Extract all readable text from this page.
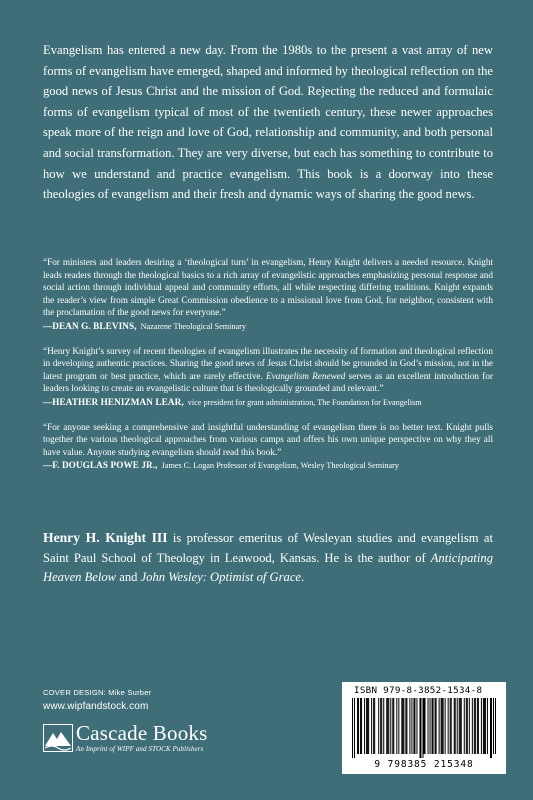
Evangelism has entered a new day. From the 1980s to the present a vast array of new forms of evangelism have emerged, shaped and informed by theological reflection on the good news of Jesus Christ and the mission of God. Rejecting the reduced and formulaic forms of evangelism typical of most of the twentieth century, these newer approaches speak more of the reign and love of God, relationship and community, and both personal and social transformation. They are very diverse, but each has something to contribute to how we understand and practice evangelism. This book is a doorway into these theologies of evangelism and their fresh and dynamic ways of sharing the good news.

“For ministers and leaders desiring a ‘theological turn’ in evangelism, Henry Knight delivers a needed resource. Knight leads readers through the theological basics to a rich array of evangelistic approaches emphasizing personal response and social action through individual appeal and community efforts, all while respecting differing traditions. Knight expands the reader’s view from simple Great Commission obedience to a missional love from God, for neighbor, consistent with the proclamation of the good news for everyone.”

—DEAN G. BLEVINS, Nazarene Theological Seminary

“Henry Knight’s survey of recent theologies of evangelism illustrates the necessity of formation and theological reflection in developing authentic practices. Sharing the good news of Jesus Christ should be grounded in God’s mission, not in the latest program or best practice, which are rarely effective. Evangelism Renewed serves as an excellent introduction for leaders looking to create an evangelistic culture that is theologically grounded and relevant.”

—HEATHER HENIZMAN LEAR, vice president for grant administration, The Foundation for Evangelism

“For anyone seeking a comprehensive and insightful understanding of evangelism there is no better text. Knight pulls together the various theological approaches from various camps and offers his own unique perspective on why they all have value. Anyone studying evangelism should read this book.”

—F. DOUGLAS POWE JR., James C. Logan Professor of Evangelism, Wesley Theological Seminary

Henry H. Knight III is professor emeritus of Wesleyan studies and evangelism at Saint Paul School of Theology in Leawood, Kansas. He is the author of Anticipating Heaven Below and John Wesley: Optimist of Grace.

COVER DESIGN: Mike Surber
www.wipfandstock.com
Cascade Books
An Imprint of WIPF and STOCK Publishers
ISBN 979-8-3852-1534-8
9 798385 215348
